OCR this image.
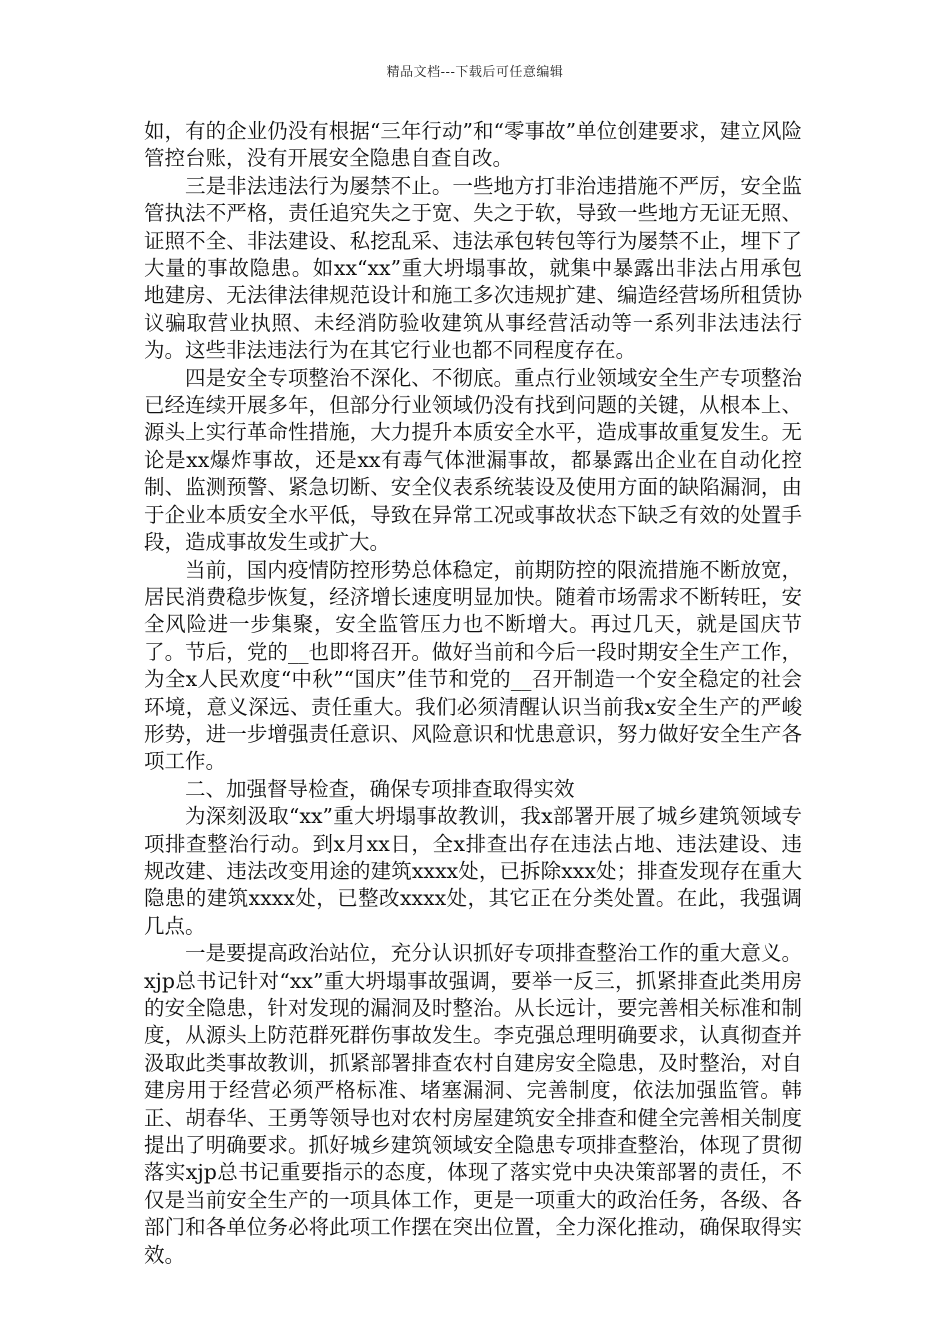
精品文档---下载后可任意编辑

如，有的企业仍没有根据“三年行动”和“零事故”单位创建要求，建立风险管控台账，没有开展安全隐患自查自改。

三是非法违法行为屡禁不止。一些地方打非治违措施不严厉，安全监管执法不严格，责任追究失之于宽、失之于软，导致一些地方无证无照、证照不全、非法建设、私挖乱采、违法承包转包等行为屡禁不止，埋下了大量的事故隐患。如xx“xx”重大坍塌事故，就集中暴露出非法占用承包地建房、无法律法律规范设计和施工多次违规扩建、编造经营场所租赁协议骗取营业执照、未经消防验收建筑从事经营活动等一系列非法违法行为。这些非法违法行为在其它行业也都不同程度存在。

四是安全专项整治不深化、不彻底。重点行业领域安全生产专项整治已经连续开展多年，但部分行业领域仍没有找到问题的关键，从根本上、源头上实行革命性措施，大力提升本质安全水平，造成事故重复发生。无论是xx爆炸事故，还是xx有毒气体泄漏事故，都暴露出企业在自动化控制、监测预警、紧急切断、安全仪表系统装设及使用方面的缺陷漏洞，由于企业本质安全水平低，导致在异常工况或事故状态下缺乏有效的处置手段，造成事故发生或扩大。

当前，国内疫情防控形势总体稳定，前期防控的限流措施不断放宽，居民消费稳步恢复，经济增长速度明显加快。随着市场需求不断转旺，安全风险进一步集聚，安全监管压力也不断增大。再过几天，就是国庆节了。节后，党的__也即将召开。做好当前和今后一段时期安全生产工作，为全x人民欢度“中秋”“国庆”佳节和党的__召开制造一个安全稳定的社会环境，意义深远、责任重大。我们必须清醒认识当前我x安全生产的严峻形势，进一步增强责任意识、风险意识和忧患意识，努力做好安全生产各项工作。

二、加强督导检查，确保专项排查取得实效

为深刻汲取“xx”重大坍塌事故教训，我x部署开展了城乡建筑领域专项排查整治行动。到x月xx日，全x排查出存在违法占地、违法建设、违规改建、违法改变用途的建筑xxxx处，已拆除xxx处；排查发现存在重大隐患的建筑xxxx处，已整改xxxx处，其它正在分类处置。在此，我强调几点。

一是要提高政治站位，充分认识抓好专项排查整治工作的重大意义。xjp总书记针对“xx”重大坍塌事故强调，要举一反三，抓紧排查此类用房的安全隐患，针对发现的漏洞及时整治。从长远计，要完善相关标准和制度，从源头上防范群死群伤事故发生。李克强总理明确要求，认真彻查并汲取此类事故教训，抓紧部署排查农村自建房安全隐患，及时整治，对自建房用于经营必须严格标准、堵塞漏洞、完善制度，依法加强监管。韩正、胡春华、王勇等领导也对农村房屋建筑安全排查和健全完善相关制度提出了明确要求。抓好城乡建筑领域安全隐患专项排查整治，体现了贯彻落实xjp总书记重要指示的态度，体现了落实党中央决策部署的责任，不仅是当前安全生产的一项具体工作，更是一项重大的政治任务，各级、各部门和各单位务必将此项工作摆在突出位置，全力深化推动，确保取得实效。
